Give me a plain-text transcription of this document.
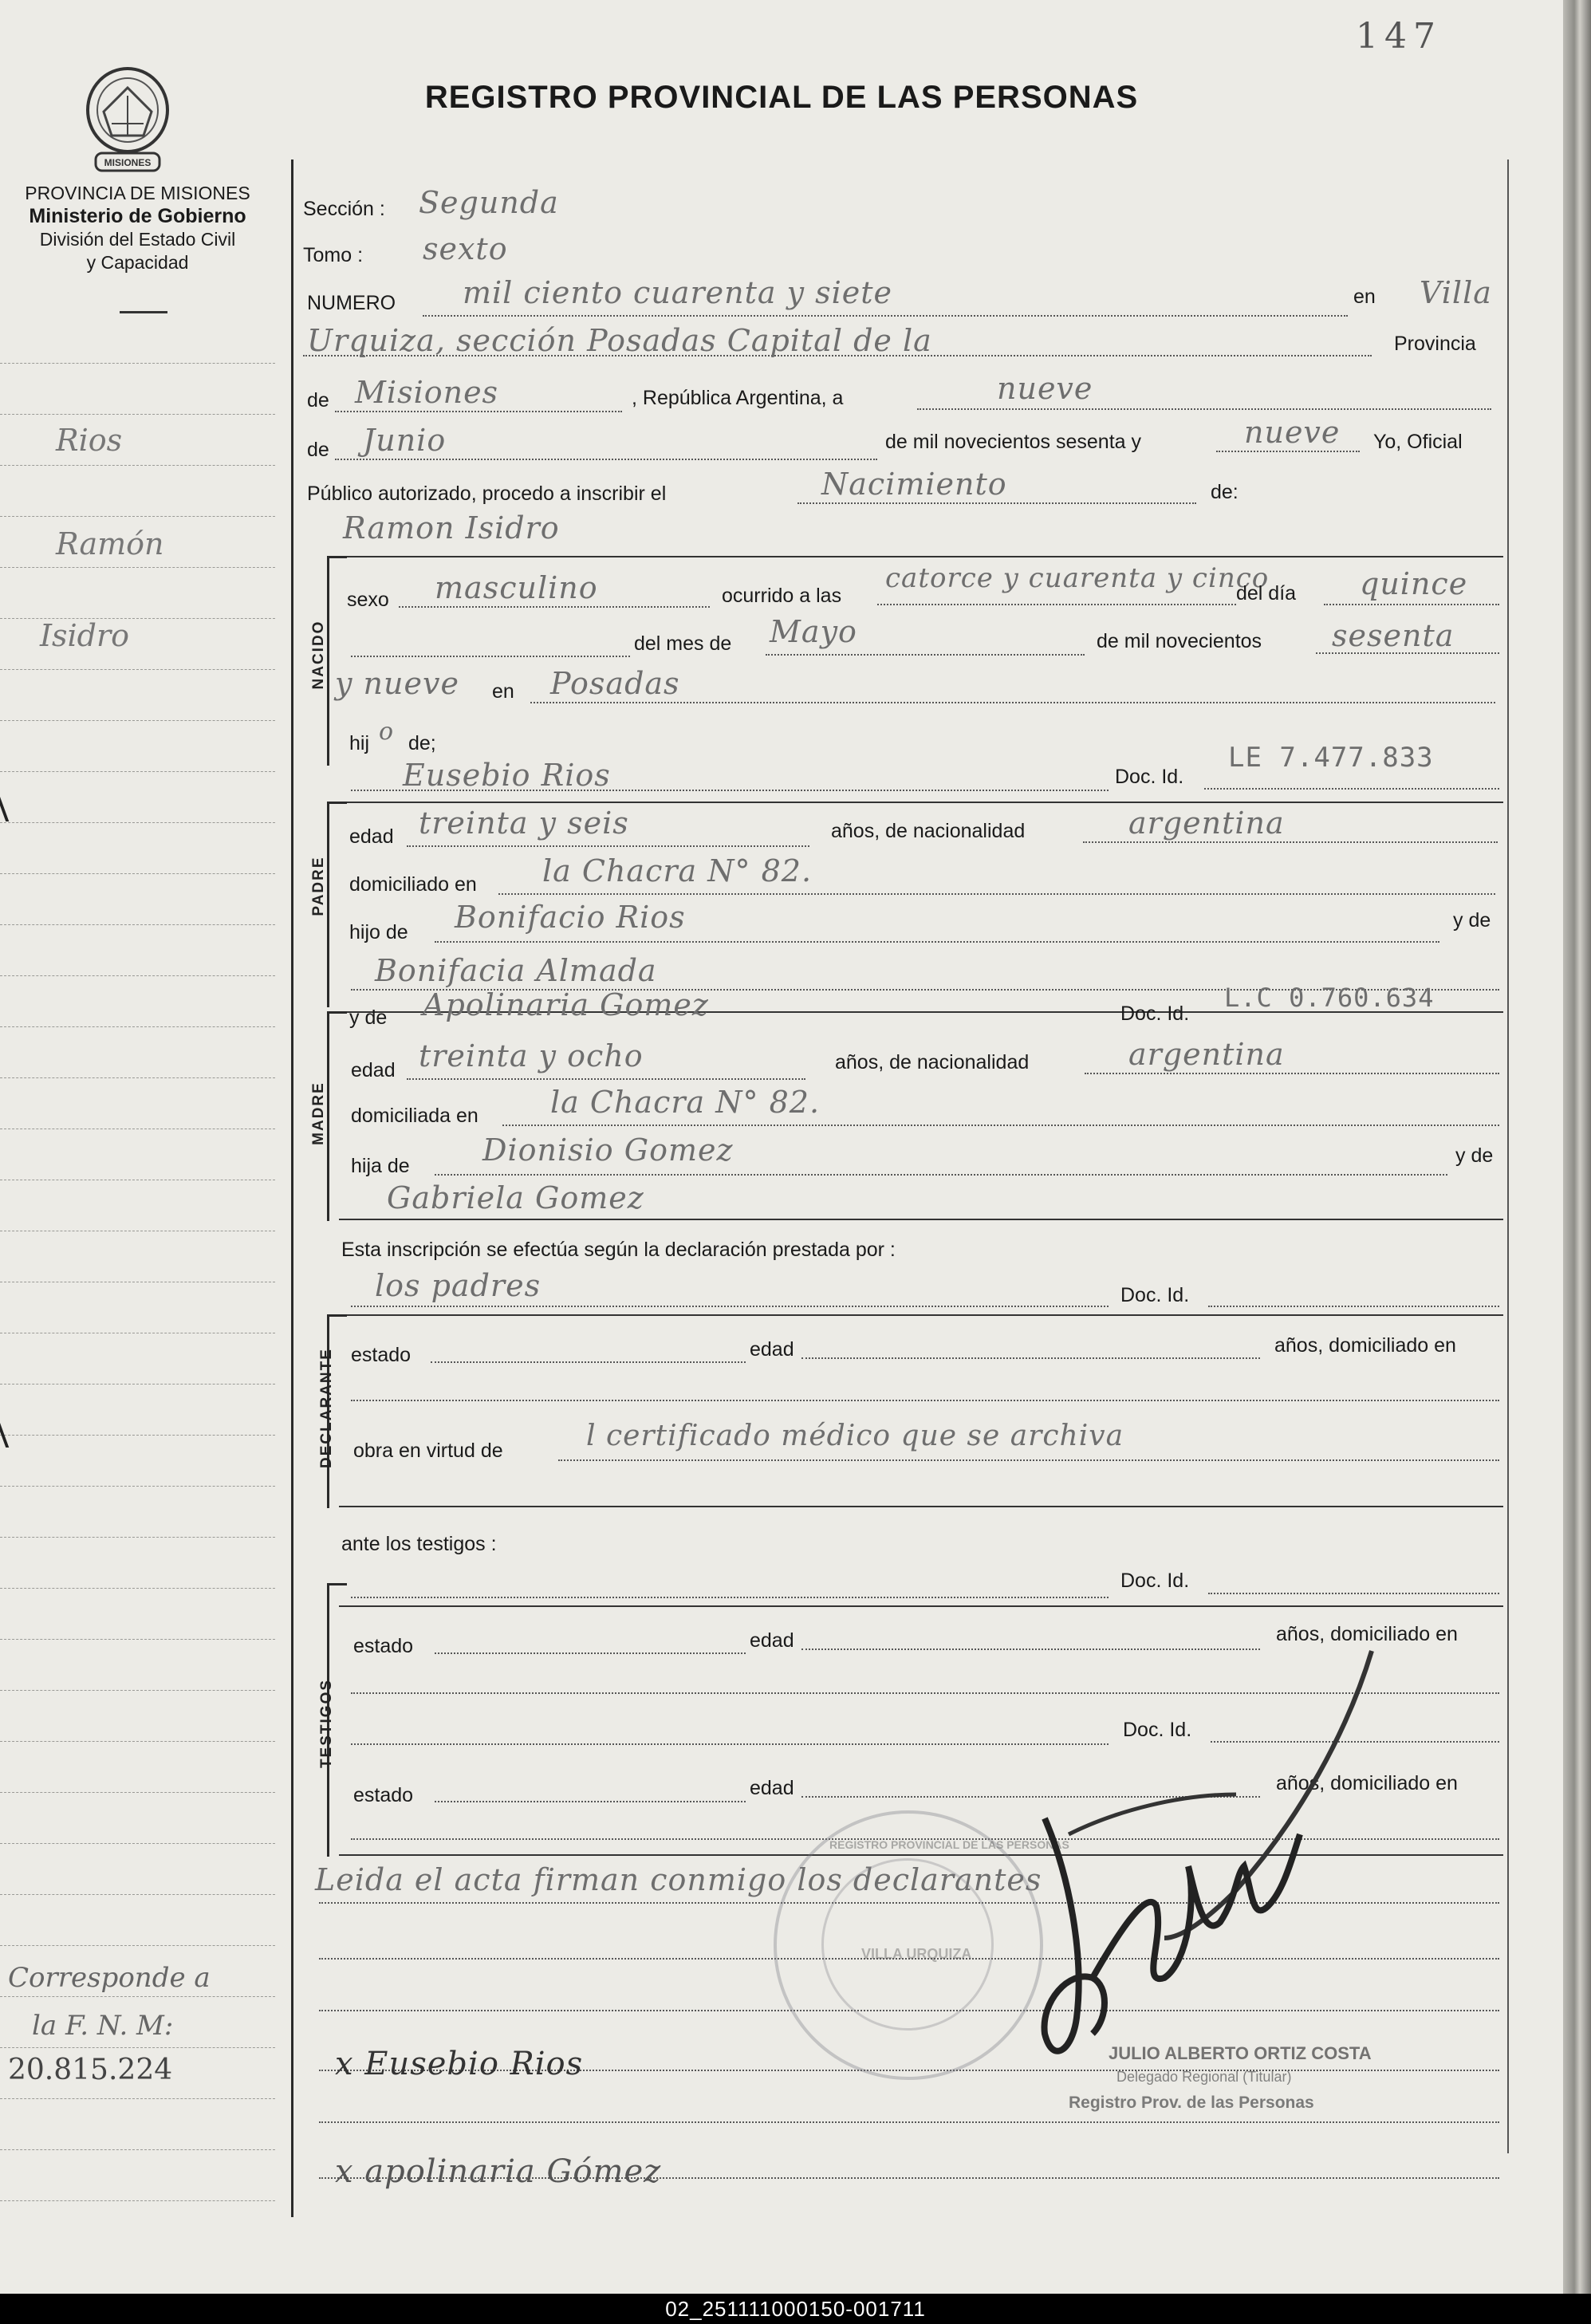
147
REGISTRO PROVINCIAL DE LAS PERSONAS
MISIONES
PROVINCIA DE MISIONES
Ministerio de Gobierno
División del Estado Civil
y Capacidad
Rios
Ramón
Isidro
Corresponde a
la F. N. M:
20.815.224
Sección : Segunda
Tomo : sexto
NUMERO mil ciento cuarenta y siete	en Villa
Urquiza, sección Posadas Capital de la	Provincia
de Misiones	, República Argentina, a	nueve
de Junio	de mil novecientos sesenta y	nueve Yo, Oficial
Público autorizado, procedo a inscribir el	Nacimiento	de:
Ramon Isidro
NACIDO
sexo masculino	ocurrido a las
catorce y cuarenta y cinco
del día quince
del mes de Mayo	de mil novecientos sesenta
y nueve en Posadas
hij o de;
Eusebio Rios	Doc. Id.
LE 7.477.833
PADRE
edad treinta y seis	años, de nacionalidad	argentina
domiciliado en la Chacra N° 82.
hijo de Bonifacio Rios	y de
Bonifacia Almada
MADRE
y de Apolinaria Gomez	Doc. Id.
L.C 0.760.634
edad treinta y ocho	años, de nacionalidad	argentina
domiciliada en la Chacra N° 82.
hija de Dionisio Gomez	y de
Gabriela Gomez
Esta inscripción se efectúa según la declaración prestada por :
los padres	Doc. Id.
DECLARANTE estado	edad	años, domiciliado en
obra en virtud de	l certificado médico que se archiva
ante los testigos :
Doc. Id.
TESTIGOS
estado	edad	años, domiciliado en
Doc. Id.
estado	edad	años, domiciliado en
Leida el acta firman conmigo los declarantes
REGISTRO PROVINCIAL DE LAS PERSONAS
VILLA URQUIZA
JULIO ALBERTO ORTIZ COSTA
Delegado Regional (Titular)
Registro Prov. de las Personas
x Eusebio Rios
x apolinaria Gómez
02_251111000150-001711
